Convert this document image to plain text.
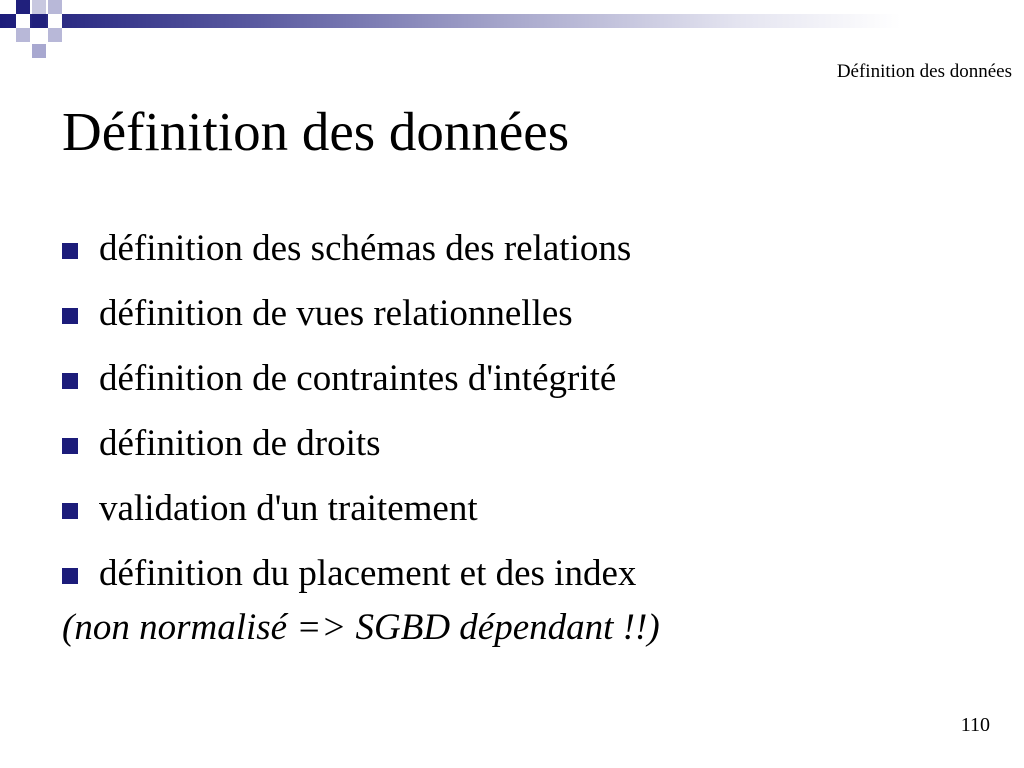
Définition des données
Définition des données
définition des schémas des relations
définition de vues relationnelles
définition de contraintes d'intégrité
définition de droits
validation d'un traitement
définition du placement et des index
(non normalisé => SGBD dépendant !!)
110
